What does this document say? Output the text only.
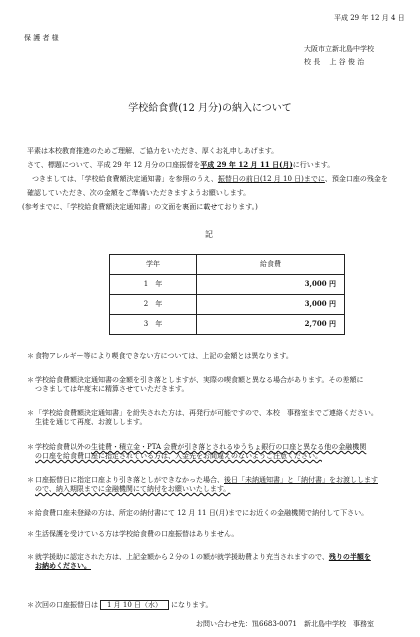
平成 29 年 12 月 4 日
保 護 者 様
大阪市立新北島中学校
校 長　 上 谷 俊 治
学校給食費(12 月分)の納入について
平素は本校教育推進のためご理解、ご協力をいただき、厚くお礼申しあげます。
さて、標題について、平成 29 年 12 月分の口座振替を平成 29 年 12 月 11 日(月)に行います。
つきましては、「学校給食費額決定通知書」を参照のうえ、振替日の前日(12 月 10 日)までに、預金口座の残金を
確認していただき、次の金額をご準備いただきますようお願いします。
(参考までに、「学校給食費額決定通知書」の文面を裏面に載せております。)
記
学年	給食費
1　年	3,000 円
2　年	3,000 円
3　年	2,700 円
＊食物アレルギー等により喫食できない方については、上記の金額とは異なります。
＊学校給食費額決定通知書の金額を引き落としますが、実際の喫食額と異なる場合があります。その差額に
つきましては年度末に精算させていただきます。
＊「学校給食費額決定通知書」を紛失された方は、再発行が可能ですので、本校　事務室までご連絡ください。
生徒を通じて再度、お渡しします。
＊学校給食費以外の生徒費・積立金・PTA 会費が引き落とされるゆうちょ銀行の口座と異なる他の金融機関
の口座を給食費口座に指定されている方は、入金先をお間違えのないようご注意ください。
＊口座振替日に指定口座より引き落としができなかった場合、後日「未納通知書」と「納付書」をお渡しします
ので、納入期限までに金融機関にて納付をお願いいたします。
＊給食費口座未登録の方は、所定の納付書にて 12 月 11 日(月)までにお近くの金融機関で納付して下さい。
＊生活保護を受けている方は学校給食費の口座振替はありません。
＊就学援助に認定された方は、上記金額から２分の１の額が就学援助費より充当されますので、残りの半額を
お納めください。
＊次回の口座振替日は 1 月 10 日（水） になります。
お問い合わせ先：℡6683-0071　新北島中学校　事務室
